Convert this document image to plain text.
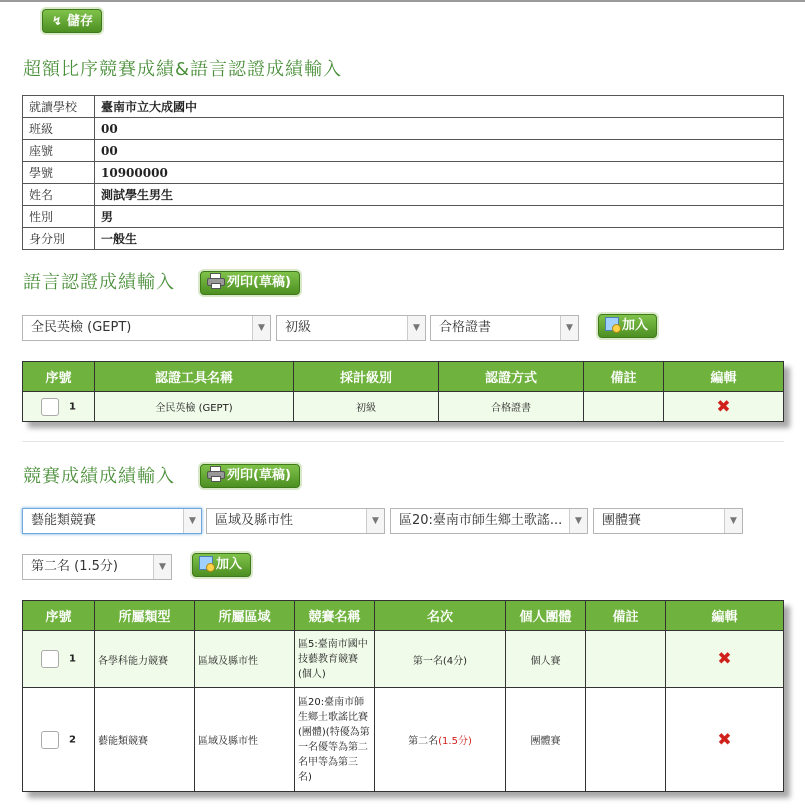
↯ 儲存
超額比序競賽成績&語言認證成績輸入
就讀學校	臺南市立大成國中
班級	00
座號	00
學號	10900000
姓名	測試學生男生
性別	男
身分別	一般生
語言認證成績輸入	列印(草稿)
全民英檢 (GEPT)	▼	初級	▼	合格證書	▼	加入
序號	認證工具名稱	採計級別	認證方式	備註	編輯
1	全民英檢 (GEPT)	初級	合格證書		✖
競賽成績成績輸入	列印(草稿)
藝能類競賽	▼	區域及縣市性	▼	區20:臺南市師生鄉土歌謠...	▼	團體賽	▼
第二名 (1.5分)	▼	加入
序號	所屬類型	所屬區域	競賽名稱	名次	個人團體	備註	編輯
1	各學科能力競賽	區域及縣市性	區5:臺南市國中技藝教育競賽(個人)	第一名(4分)	個人賽		✖
2	藝能類競賽	區域及縣市性	區20:臺南市師生鄉土歌謠比賽(團體)(特優為第一名優等為第二名甲等為第三名)	第二名(1.5分)	團體賽		✖
